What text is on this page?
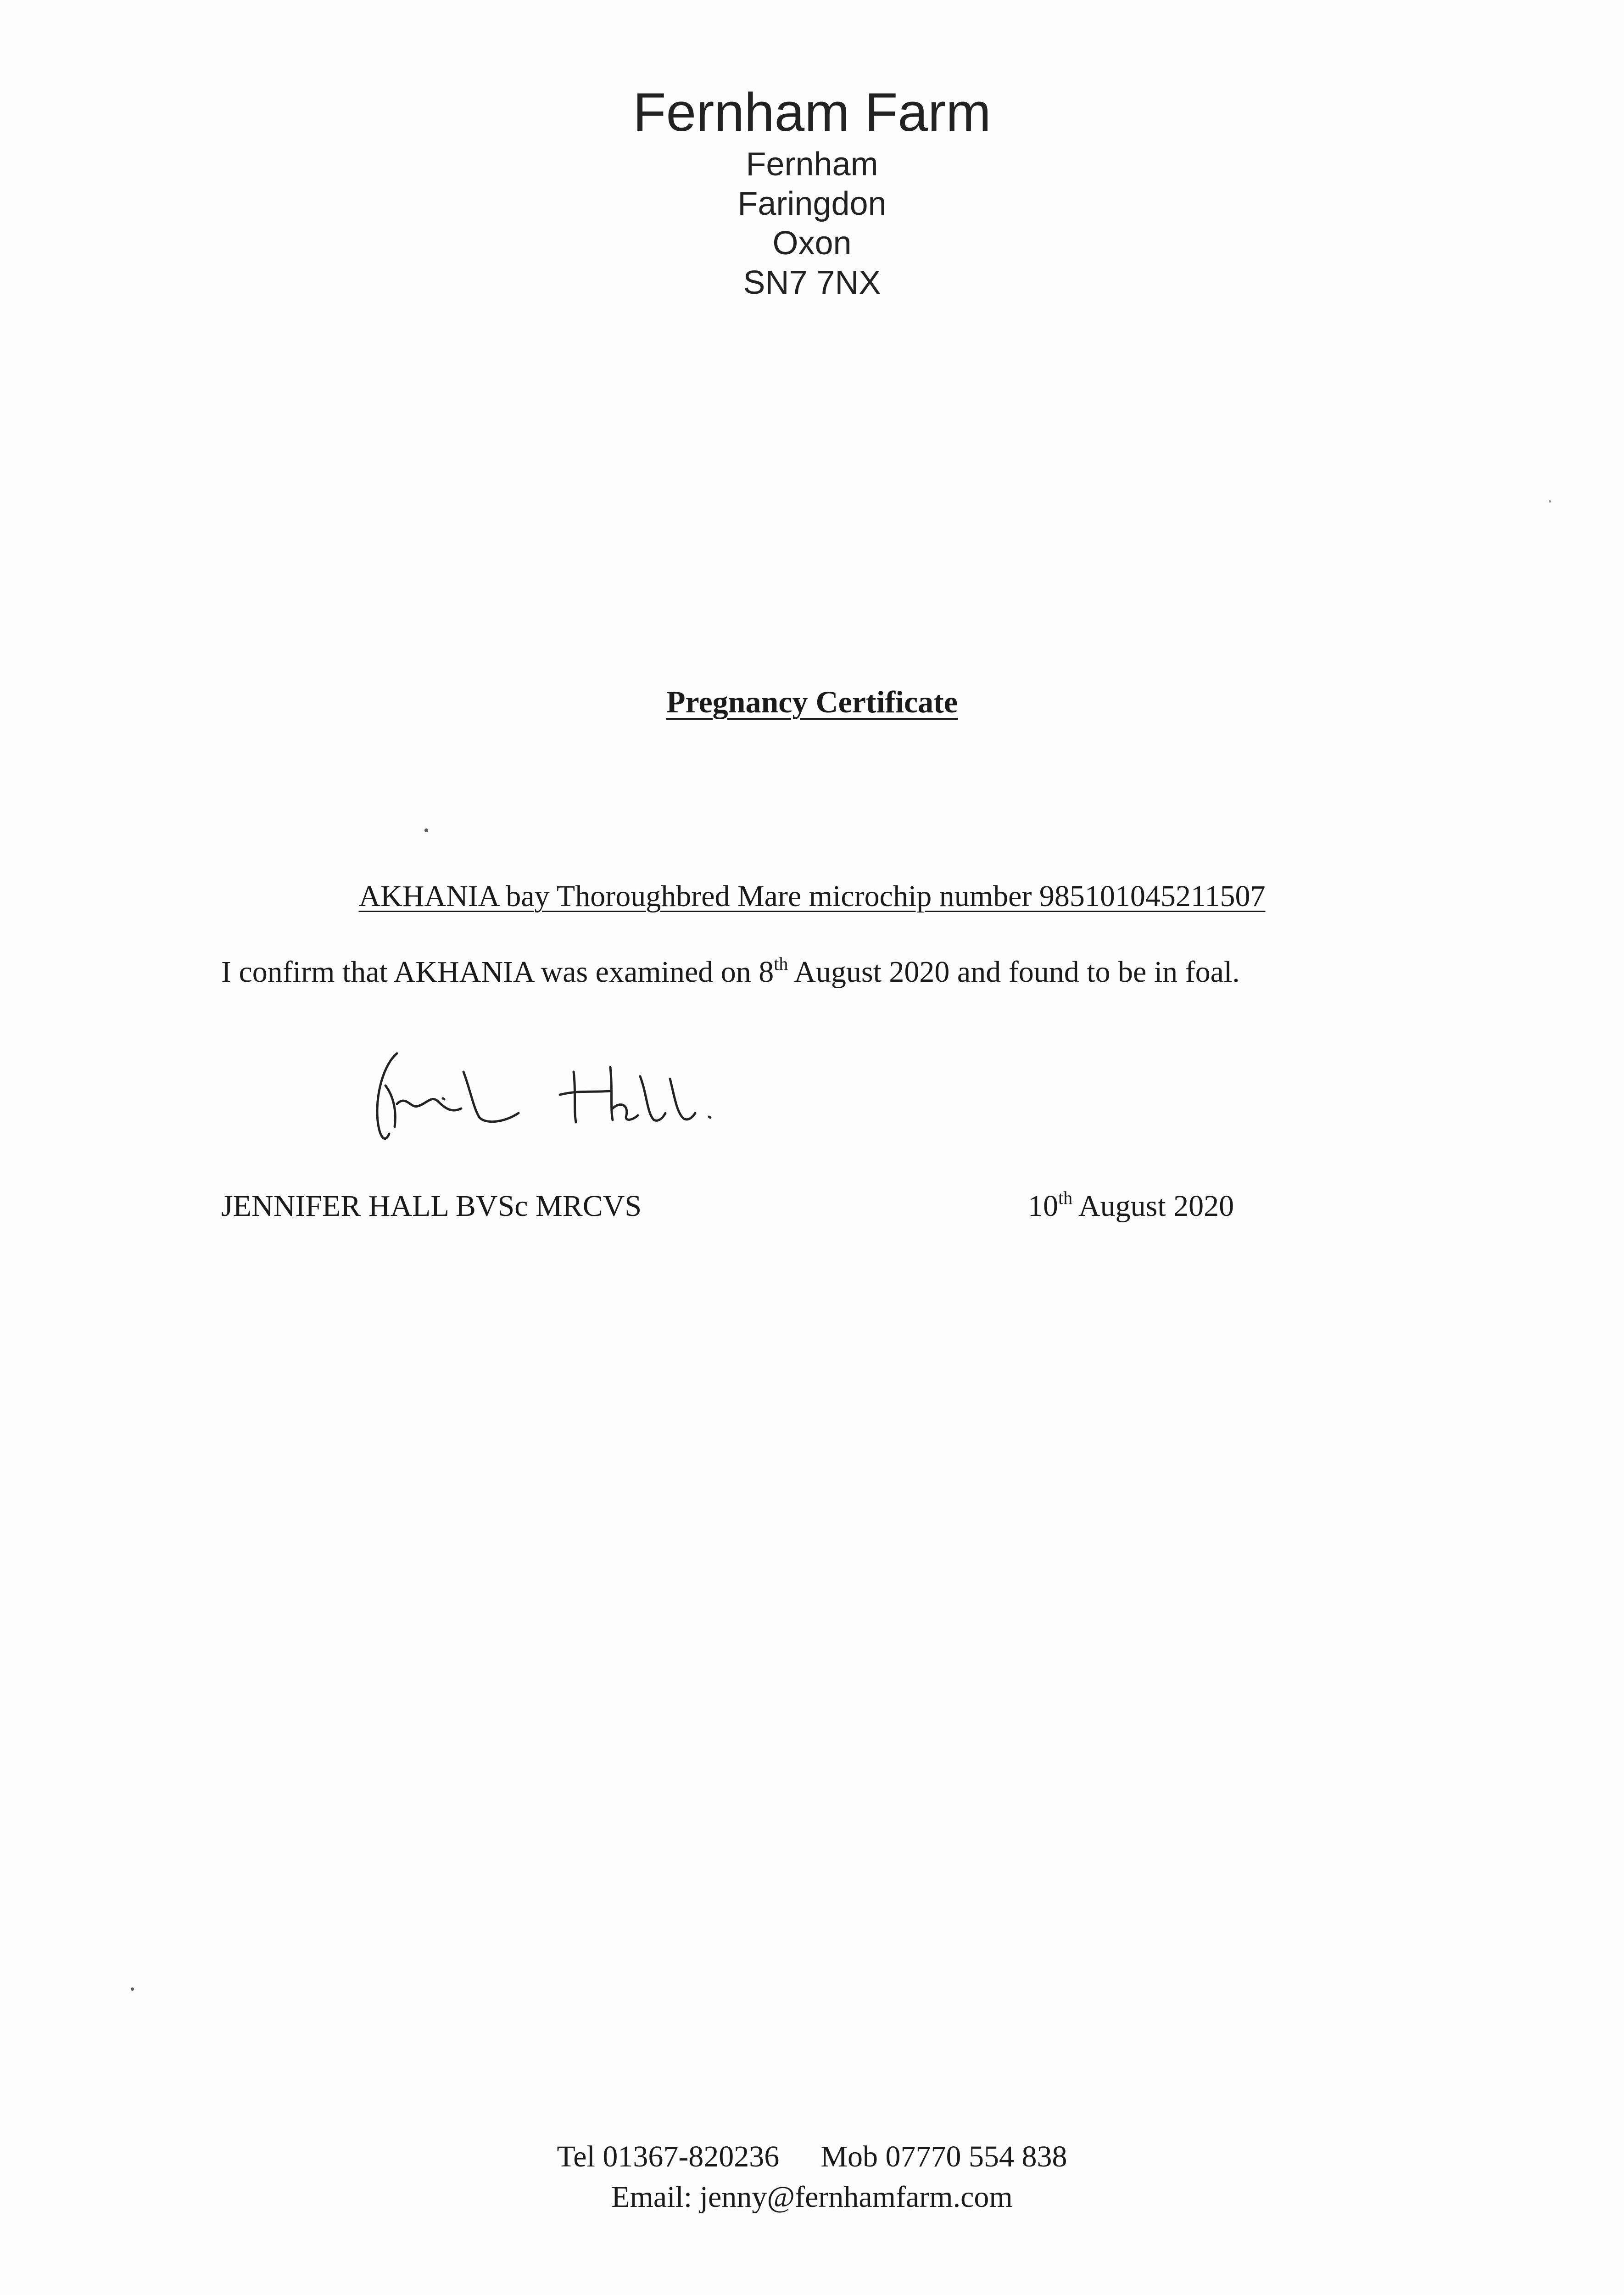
Fernham Farm
Fernham
Faringdon
Oxon
SN7 7NX
Pregnancy Certificate
AKHANIA bay Thoroughbred Mare microchip number 985101045211507
I confirm that AKHANIA was examined on 8th August 2020 and found to be in foal.
JENNIFER HALL BVSc MRCVS	10th August 2020
Tel 01367-820236 Mob 07770 554 838
Email: jenny@fernhamfarm.com
